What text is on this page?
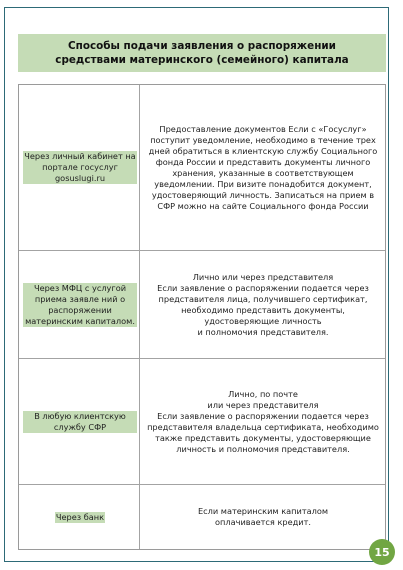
Способы подачи заявления о распоряжении
средствами материнского (семейного) капитала
Через личный кабинет на портале госуслуг gosuslugi.ru
Предоставление документов Если с «Госуслуг» поступит уведомление, необходимо в течение трех дней обратиться в клиентскую службу Социального фонда России и представить документы личного хранения, указанные в соответствующем уведомлении. При визите понадобится документ, удостоверяющий личность. Записаться на прием в СФР можно на сайте Социального фонда России
Через МФЦ с услугой приема заявле ний о распоряжении материнским капиталом.
Лично или через представителя
Если заявление о распоряжении подается через представителя лица, получившего сертификат, необходимо представить документы, удостоверяющие личность
и полномочия представителя.
В любую клиентскую службу СФР
Лично, по почте
или через представителя
Если заявление о распоряжении подается через представителя владельца сертификата, необходимо также представить документы, удостоверяющие личность и полномочия представителя.
Через банк
Если материнским капиталом
оплачивается кредит.
15
